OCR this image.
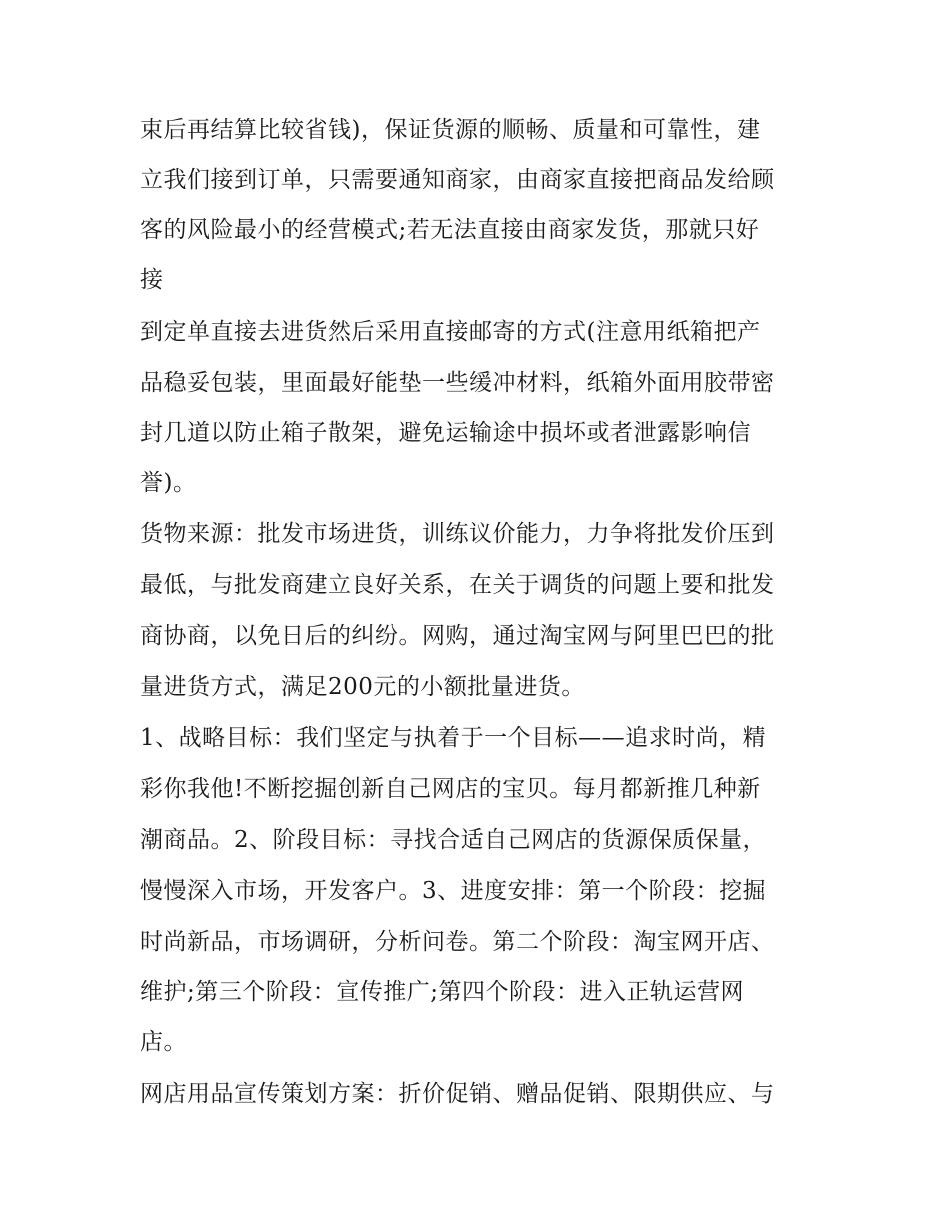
束后再结算比较省钱)，保证货源的顺畅、质量和可靠性，建
立我们接到订单，只需要通知商家，由商家直接把商品发给顾
客的风险最小的经营模式;若无法直接由商家发货，那就只好
接
到定单直接去进货然后采用直接邮寄的方式(注意用纸箱把产
品稳妥包装，里面最好能垫一些缓冲材料，纸箱外面用胶带密
封几道以防止箱子散架，避免运输途中损坏或者泄露影响信
誉)。
货物来源：批发市场进货，训练议价能力，力争将批发价压到
最低，与批发商建立良好关系，在关于调货的问题上要和批发
商协商，以免日后的纠纷。网购，通过淘宝网与阿里巴巴的批
量进货方式，满足200元的小额批量进货。
1、战略目标：我们坚定与执着于一个目标——追求时尚，精
彩你我他!不断挖掘创新自己网店的宝贝。每月都新推几种新
潮商品。2、阶段目标：寻找合适自己网店的货源保质保量，
慢慢深入市场，开发客户。3、进度安排：第一个阶段：挖掘
时尚新品，市场调研，分析问卷。第二个阶段：淘宝网开店、
维护;第三个阶段：宣传推广;第四个阶段：进入正轨运营网
店。
网店用品宣传策划方案：折价促销、赠品促销、限期供应、与
